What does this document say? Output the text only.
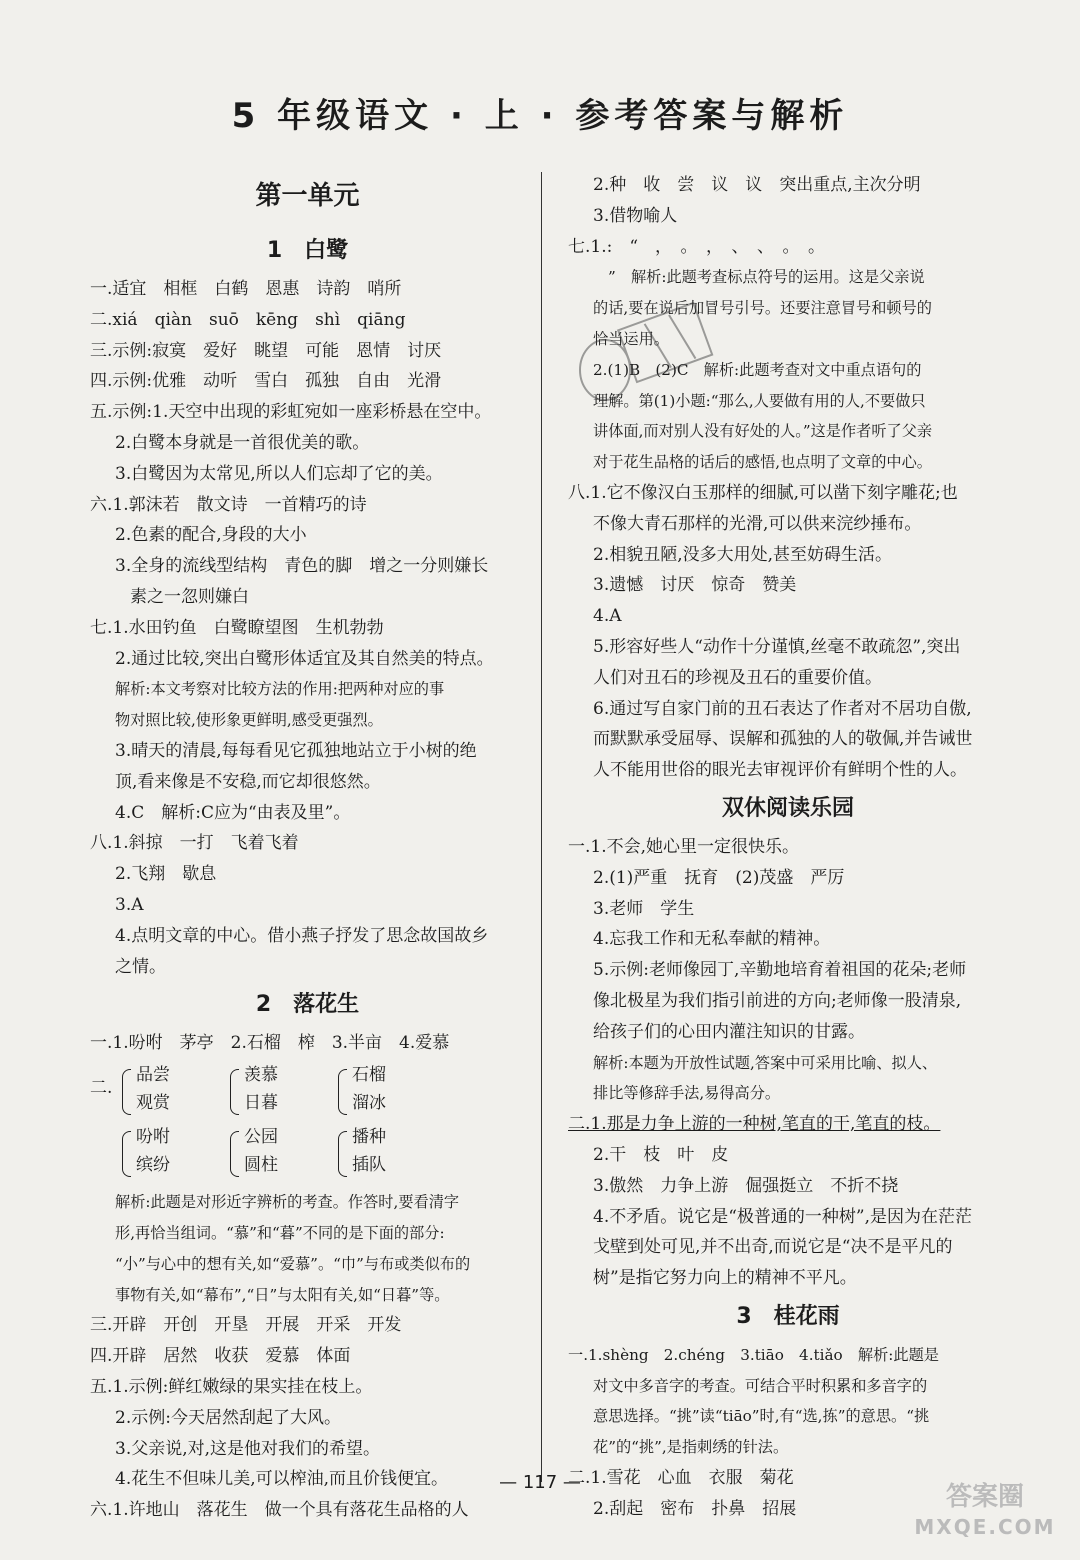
5 年级语文 · 上 · 参考答案与解析
第一单元
1　白鹭
一.适宜　相框　白鹤　恩惠　诗韵　哨所
二.xiá　qiàn　suō　kēng　shì　qiāng
三.示例:寂寞　爱好　眺望　可能　恩情　讨厌
四.示例:优雅　动听　雪白　孤独　自由　光滑
五.示例:1.天空中出现的彩虹宛如一座彩桥悬在空中。
2.白鹭本身就是一首很优美的歌。
3.白鹭因为太常见,所以人们忘却了它的美。
六.1.郭沫若　散文诗　一首精巧的诗
2.色素的配合,身段的大小
3.全身的流线型结构　青色的脚　增之一分则嫌长
素之一忽则嫌白
七.1.水田钓鱼　白鹭瞭望图　生机勃勃
2.通过比较,突出白鹭形体适宜及其自然美的特点。
解析:本文考察对比较方法的作用:把两种对应的事
物对照比较,使形象更鲜明,感受更强烈。
3.晴天的清晨,每每看见它孤独地站立于小树的绝
顶,看来像是不安稳,而它却很悠然。
4.C　解析:C应为“由表及里”。
八.1.斜掠　一打　飞着飞着
2.飞翔　歇息
3.A
4.点明文章的中心。借小燕子抒发了思念故国故乡
之情。
2　落花生
一.1.吩咐　茅亭　2.石榴　榨　3.半亩　4.爱慕
二.
品尝
观赏
吩咐
缤纷
羡慕
日暮
公园
圆柱
石榴
溜冰
播种
插队
解析:此题是对形近字辨析的考查。作答时,要看清字
形,再恰当组词。“慕”和“暮”不同的是下面的部分:
“小”与心中的想有关,如“爱慕”。“巾”与布或类似布的
事物有关,如“幕布”,“日”与太阳有关,如“日暮”等。
三.开辟　开创　开垦　开展　开采　开发
四.开辟　居然　收获　爱慕　体面
五.1.示例:鲜红嫩绿的果实挂在枝上。
2.示例:今天居然刮起了大风。
3.父亲说,对,这是他对我们的希望。
4.花生不但味儿美,可以榨油,而且价钱便宜。
六.1.许地山　落花生　做一个具有落花生品格的人
2.种　收　尝　议　议　突出重点,主次分明
3.借物喻人
七.1.:　“　，　。　，　、　、　。　。
”　解析:此题考查标点符号的运用。这是父亲说
的话,要在说后加冒号引号。还要注意冒号和顿号的
恰当运用。
2.(1)B　(2)C　解析:此题考查对文中重点语句的
理解。第(1)小题:“那么,人要做有用的人,不要做只
讲体面,而对别人没有好处的人。”这是作者听了父亲
对于花生品格的话后的感悟,也点明了文章的中心。
八.1.它不像汉白玉那样的细腻,可以凿下刻字雕花;也
不像大青石那样的光滑,可以供来浣纱捶布。
2.相貌丑陋,没多大用处,甚至妨碍生活。
3.遗憾　讨厌　惊奇　赞美
4.A
5.形容好些人“动作十分谨慎,丝毫不敢疏忽”,突出
人们对丑石的珍视及丑石的重要价值。
6.通过写自家门前的丑石表达了作者对不居功自傲,
而默默承受屈辱、误解和孤独的人的敬佩,并告诫世
人不能用世俗的眼光去审视评价有鲜明个性的人。
双休阅读乐园
一.1.不会,她心里一定很快乐。
2.(1)严重　抚育　(2)茂盛　严厉
3.老师　学生
4.忘我工作和无私奉献的精神。
5.示例:老师像园丁,辛勤地培育着祖国的花朵;老师
像北极星为我们指引前进的方向;老师像一股清泉,
给孩子们的心田内灌注知识的甘露。
解析:本题为开放性试题,答案中可采用比喻、拟人、
排比等修辞手法,易得高分。
二.1.那是力争上游的一种树,笔直的干,笔直的枝。
2.干　枝　叶　皮
3.傲然　力争上游　倔强挺立　不折不挠
4.不矛盾。说它是“极普通的一种树”,是因为在茫茫
戈壁到处可见,并不出奇,而说它是“决不是平凡的
树”是指它努力向上的精神不平凡。
3　桂花雨
一.1.shèng　2.chéng　3.tiāo　4.tiǎo　解析:此题是
对文中多音字的考查。可结合平时积累和多音字的
意思选择。“挑”读“tiāo”时,有“选,拣”的意思。“挑
花”的“挑”,是指刺绣的针法。
二.1.雪花　心血　衣服　菊花
2.刮起　密布　扑鼻　招展
— 117 —	答案圈
MXQE.COM
